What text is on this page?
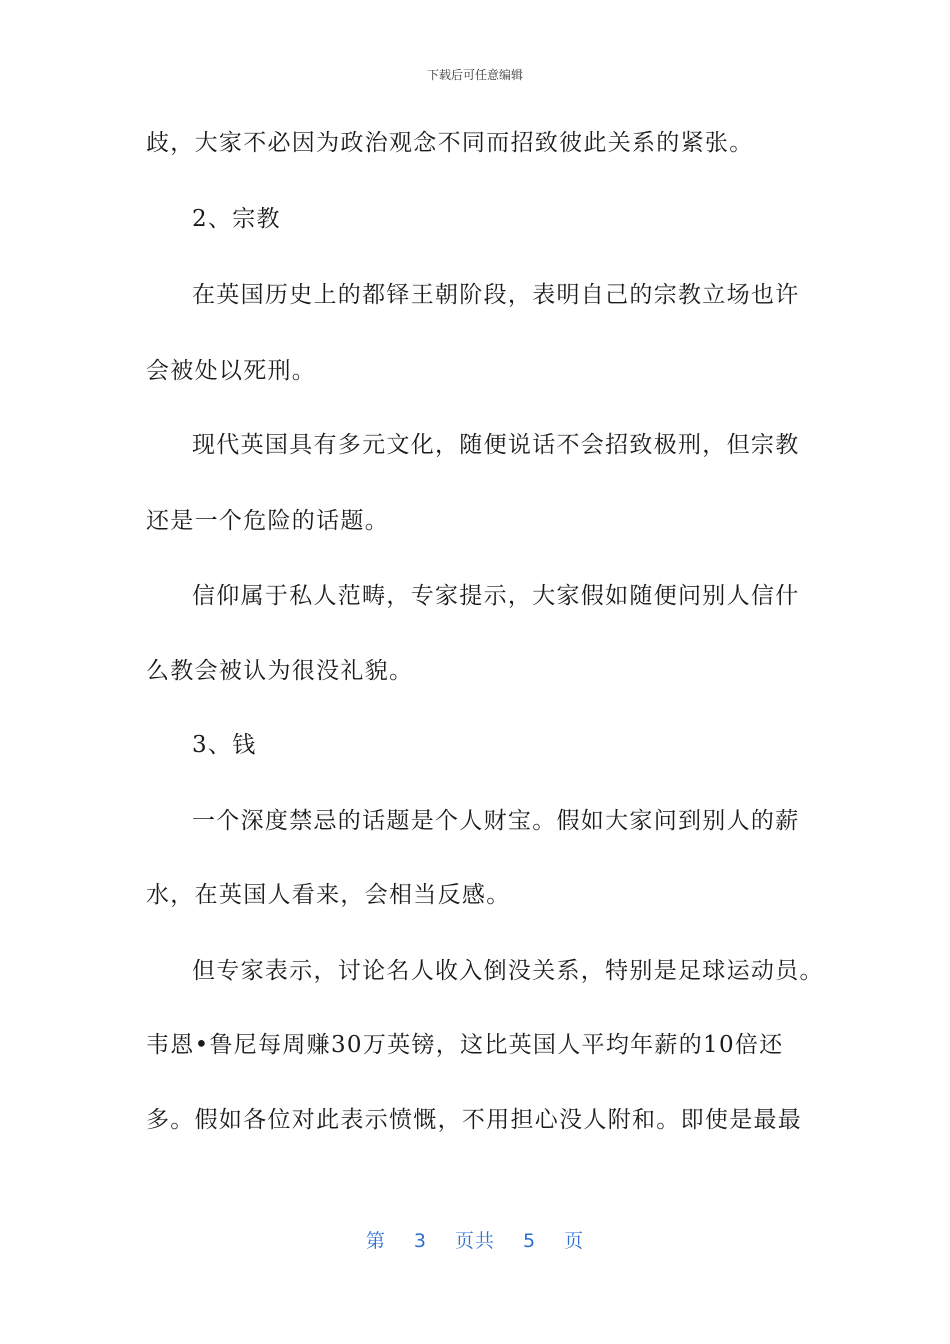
下载后可任意编辑
歧，大家不必因为政治观念不同而招致彼此关系的紧张。
2、宗教
在英国历史上的都铎王朝阶段，表明自己的宗教立场也许
会被处以死刑。
现代英国具有多元文化，随便说话不会招致极刑，但宗教
还是一个危险的话题。
信仰属于私人范畴，专家提示，大家假如随便问别人信什
么教会被认为很没礼貌。
3、钱
一个深度禁忌的话题是个人财宝。假如大家问到别人的薪
水，在英国人看来，会相当反感。
但专家表示，讨论名人收入倒没关系，特别是足球运动员。
韦恩•鲁尼每周赚30万英镑，这比英国人平均年薪的10倍还
多。假如各位对此表示愤慨，不用担心没人附和。即使是最最
第 3 页共 5 页
